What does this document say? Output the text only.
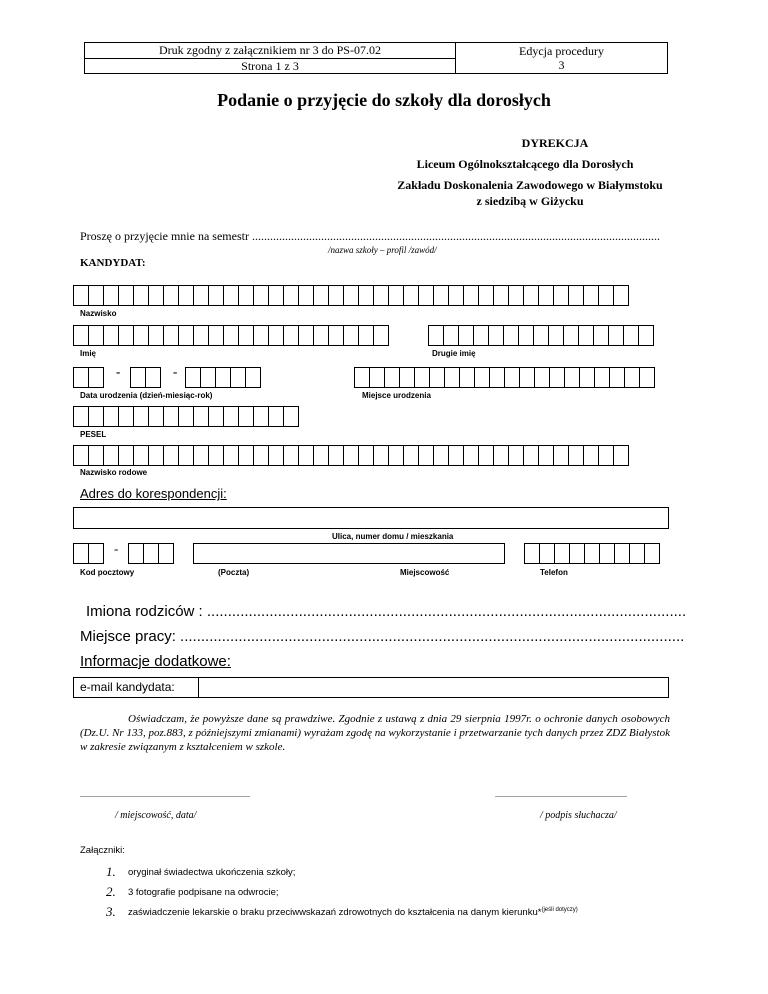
Druk zgodny z załącznikiem nr 3 do PS-07.02
Strona 1 z 3
Edycja procedury
3
Podanie o przyjęcie do szkoły dla dorosłych
DYREKCJA
Liceum Ogólnokształcącego dla Dorosłych
Zakładu Doskonalenia Zawodowego w Białymstoku
z siedzibą w Giżycku
Proszę o przyjęcie mnie na semestr ........................................................................................................................................
/nazwa szkoły – profil /zawód/
KANDYDAT:
Nazwisko
Imię	Drugie imię
-	-
Data urodzenia (dzień-miesiąc-rok)	Miejsce urodzenia
PESEL
Nazwisko rodowe
Adres do korespondencji:
Ulica, numer domu / mieszkania
-
Kod pocztowy	(Poczta)	Miejscowość	Telefon
Imiona rodziców : ...................................................................................................................
Miejsce pracy: .........................................................................................................................
Informacje dodatkowe:
e-mail kandydata:
Oświadczam, że powyższe dane są prawdziwe. Zgodnie z ustawą z dnia 29 sierpnia 1997r. o ochronie danych osobowych (Dz.U. Nr 133, poz.883, z późniejszymi zmianami) wyrażam zgodę na wykorzystanie i przetwarzanie tych danych przez ZDZ Białystok w zakresie związanym z kształceniem w szkole.
.....................................................................................
/ miejscowość, data/
..................................................................
/ podpis słuchacza/
Załączniki:
1. oryginał świadectwa ukończenia szkoły;
2. 3 fotografie podpisane na odwrocie;
3. zaświadczenie lekarskie o braku przeciwwskazań zdrowotnych do kształcenia na danym kierunku*$^{(jeśli dotyczy)}$
